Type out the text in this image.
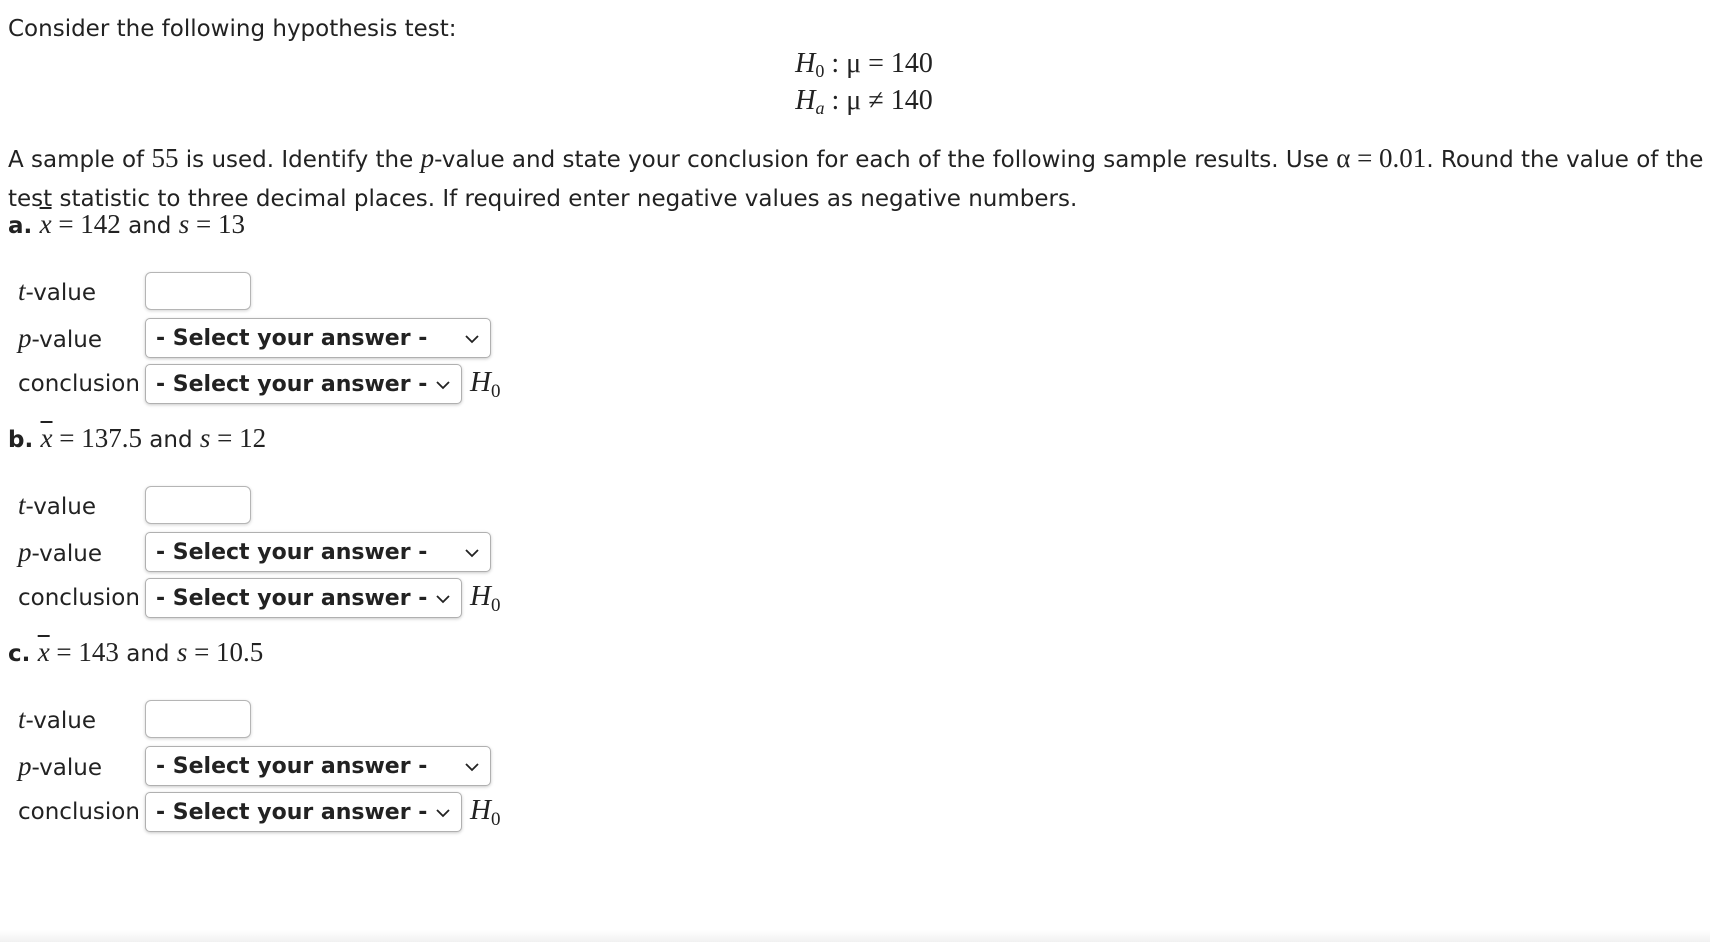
Consider the following hypothesis test:
$H_0$ : μ = 140
$H_a$ : μ ≠ 140
A sample of 55 is used. Identify the p-value and state your conclusion for each of the following sample results. Use α = 0.01. Round the value of the test statistic to three decimal places. If required enter negative values as negative numbers.
a. $\overline{x} = 142$ and s = 13
t-value
p-value	- Select your answer -
conclusion - Select your answer - $H_0$
b. $\overline{x} = 137.5$ and s = 12
t-value
p-value	- Select your answer -
conclusion - Select your answer - $H_0$
c. $\overline{x} = 143$ and s = 10.5
t-value
p-value	- Select your answer -
conclusion - Select your answer - $H_0$
